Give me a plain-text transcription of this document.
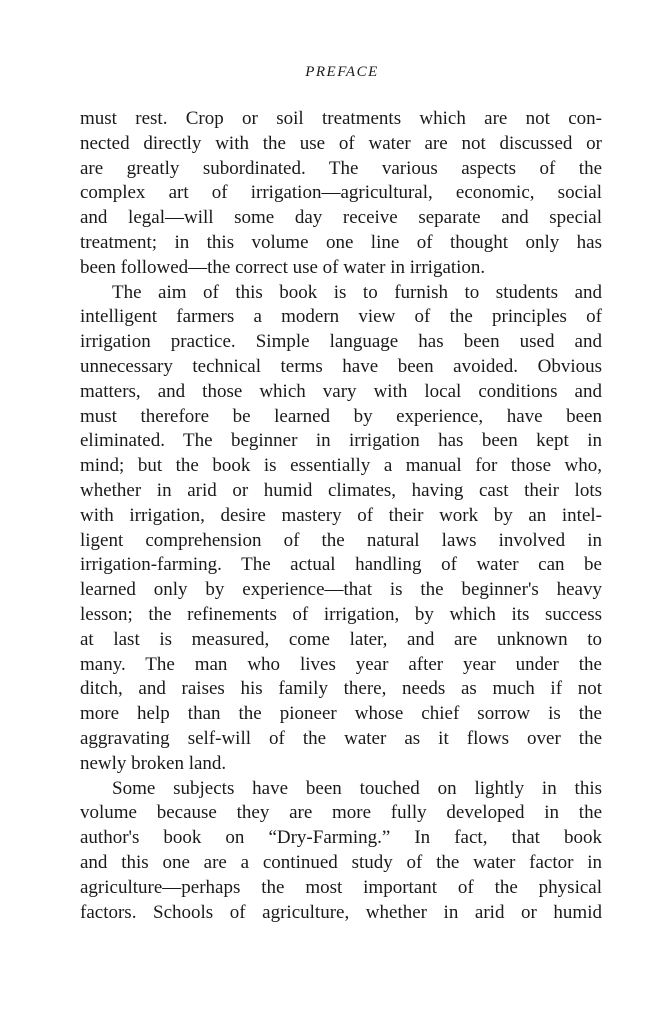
PREFACE
must rest. Crop or soil treatments which are not con-
nected directly with the use of water are not discussed or
are greatly subordinated. The various aspects of the
complex art of irrigation—agricultural, economic, social
and legal—will some day receive separate and special
treatment; in this volume one line of thought only has
been followed—the correct use of water in irrigation.
The aim of this book is to furnish to students and
intelligent farmers a modern view of the principles of
irrigation practice. Simple language has been used and
unnecessary technical terms have been avoided. Obvious
matters, and those which vary with local conditions and
must therefore be learned by experience, have been
eliminated. The beginner in irrigation has been kept in
mind; but the book is essentially a manual for those who,
whether in arid or humid climates, having cast their lots
with irrigation, desire mastery of their work by an intel-
ligent comprehension of the natural laws involved in
irrigation-farming. The actual handling of water can be
learned only by experience—that is the beginner's heavy
lesson; the refinements of irrigation, by which its success
at last is measured, come later, and are unknown to
many. The man who lives year after year under the
ditch, and raises his family there, needs as much if not
more help than the pioneer whose chief sorrow is the
aggravating self-will of the water as it flows over the
newly broken land.
Some subjects have been touched on lightly in this
volume because they are more fully developed in the
author's book on “Dry-Farming.” In fact, that book
and this one are a continued study of the water factor in
agriculture—perhaps the most important of the physical
factors. Schools of agriculture, whether in arid or humid
